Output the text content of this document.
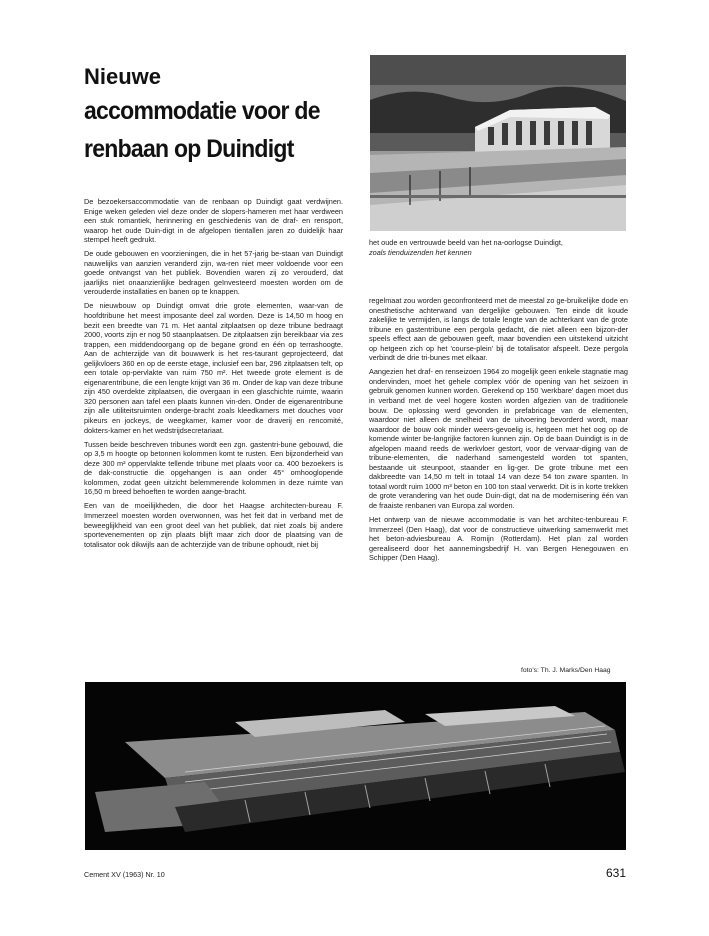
Nieuwe
accommodatie voor de
renbaan op Duindigt

De bezoekersaccommodatie van de renbaan op Duindigt gaat verdwijnen. Enige weken geleden viel deze onder de slopers-hameren met haar verdween een stuk romantiek, herinnering en geschiedenis van de draf- en rensport, waarop het oude Duin-digt in de afgelopen tientallen jaren zo duidelijk haar stempel heeft gedrukt.

De oude gebouwen en voorzieningen, die in het 57-jarig be-staan van Duindigt nauwelijks van aanzien veranderd zijn, wa-ren niet meer voldoende voor een goede ontvangst van het publiek. Bovendien waren zij zo verouderd, dat jaarlijks niet onaanzienlijke bedragen geïnvesteerd moesten worden om de verouderde installaties en banen op te knappen.

De nieuwbouw op Duindigt omvat drie grote elementen, waar-van de hoofdtribune het meest imposante deel zal worden. Deze is 14,50 m hoog en bezit een breedte van 71 m. Het aantal zitplaatsen op deze tribune bedraagt 2000, voorts zijn er nog 50 staanplaatsen. De zitplaatsen zijn bereikbaar via zes trappen, een middendoorgang op de begane grond en één op terrashoogte. Aan de achterzijde van dit bouwwerk is het res-taurant geprojecteerd, dat gelijkvloers 360 en op de eerste etage, inclusief een bar, 296 zitplaatsen telt, op een totale op-pervlakte van ruim 750 m². Het tweede grote element is de eigenarentribune, die een lengte krijgt van 36 m. Onder de kap van deze tribune zijn 450 overdekte zitplaatsen, die overgaan in een glaschichte ruimte, waarin 320 personen aan tafel een plaats kunnen vin-den. Onder de eigenarentribune zijn alle utiliteitsruimten onderge-bracht zoals kleedkamers met douches voor pikeurs en jockeys, de weegkamer, kamer voor de draverij en rencomité, dokters-kamer en het wedstrijdsecretariaat.

Tussen beide beschreven tribunes wordt een zgn. gastentri-bune gebouwd, die op 3,5 m hoogte op betonnen kolommen komt te rusten. Een bijzonderheid van deze 300 m² oppervlakte tellende tribune met plaats voor ca. 400 bezoekers is de dak-constructie die opgehangen is aan onder 45° omhooglopende kolommen, zodat geen uitzicht belemmerende kolommen in deze ruimte van 16,50 m breed behoeften te worden aange-bracht.

Een van de moeilijkheden, die door het Haagse architecten-bureau F. Immerzeel moesten worden overwonnen, was het feit dat in verband met de beweeglijkheid van een groot deel van het publiek, dat niet zoals bij andere sportevenementen op zijn plaats blijft maar zich door de plaatsing van de totalisator ook dikwijls aan de achterzijde van de tribune ophoudt, niet bij

het oude en vertrouwde beeld van het na-oorlogse Duindigt,
zoals tienduizenden het kennen

regelmaat zou worden geconfronteerd met de meestal zo ge-bruikelijke dode en onesthetische achterwand van dergelijke gebouwen. Ten einde dit koude zakelijke te vermijden, is langs de totale lengte van de achterkant van de grote tribune en gastentribune een pergola gedacht, die niet alleen een bijzon-der speels effect aan de gebouwen geeft, maar bovendien een uitstekend uitzicht op hetgeen zich op het 'course-plein' bij de totalisator afspeelt. Deze pergola verbindt de drie tri-bunes met elkaar.

Aangezien het draf- en renseizoen 1964 zo mogelijk geen enkele stagnatie mag ondervinden, moet het gehele complex vóór de opening van het seizoen in gebruik genomen kunnen worden. Gerekend op 150 'werkbare' dagen moet dus in verband met de veel hogere kosten worden afgezien van de traditionele bouw. De oplossing werd gevonden in prefabricage van de elementen, waardoor niet alleen de snelheid van de uitvoering bevorderd wordt, maar waardoor de bouw ook minder weers-gevoelig is, hetgeen met het oog op de komende winter be-langrijke factoren kunnen zijn. Op de baan Duindigt is in de afgelopen maand reeds de werkvloer gestort, voor de vervaar-diging van de tribune-elementen, die naderhand samengesteld worden tot spanten, bestaande uit steunpoot, staander en lig-ger. De grote tribune met een dakbreedte van 14,50 m telt in totaal 14 van deze 54 ton zware spanten. In totaal wordt ruim 1000 m³ beton en 100 ton staal verwerkt. Dit is in korte trekken de grote verandering van het oude Duin-digt, dat na de modernisering één van de fraaiste renbanen van Europa zal worden.

Het ontwerp van de nieuwe accommodatie is van het architec-tenbureau F. Immerzeel (Den Haag), dat voor de constructieve uitwerking samenwerkt met het beton-adviesbureau A. Romijn (Rotterdam). Het plan zal worden gerealiseerd door het aannemingsbedrijf H. van Bergen Henegouwen en Schipper (Den Haag).

foto's: Th. J. Marks/Den Haag
Cement XV (1963) Nr. 10	631
